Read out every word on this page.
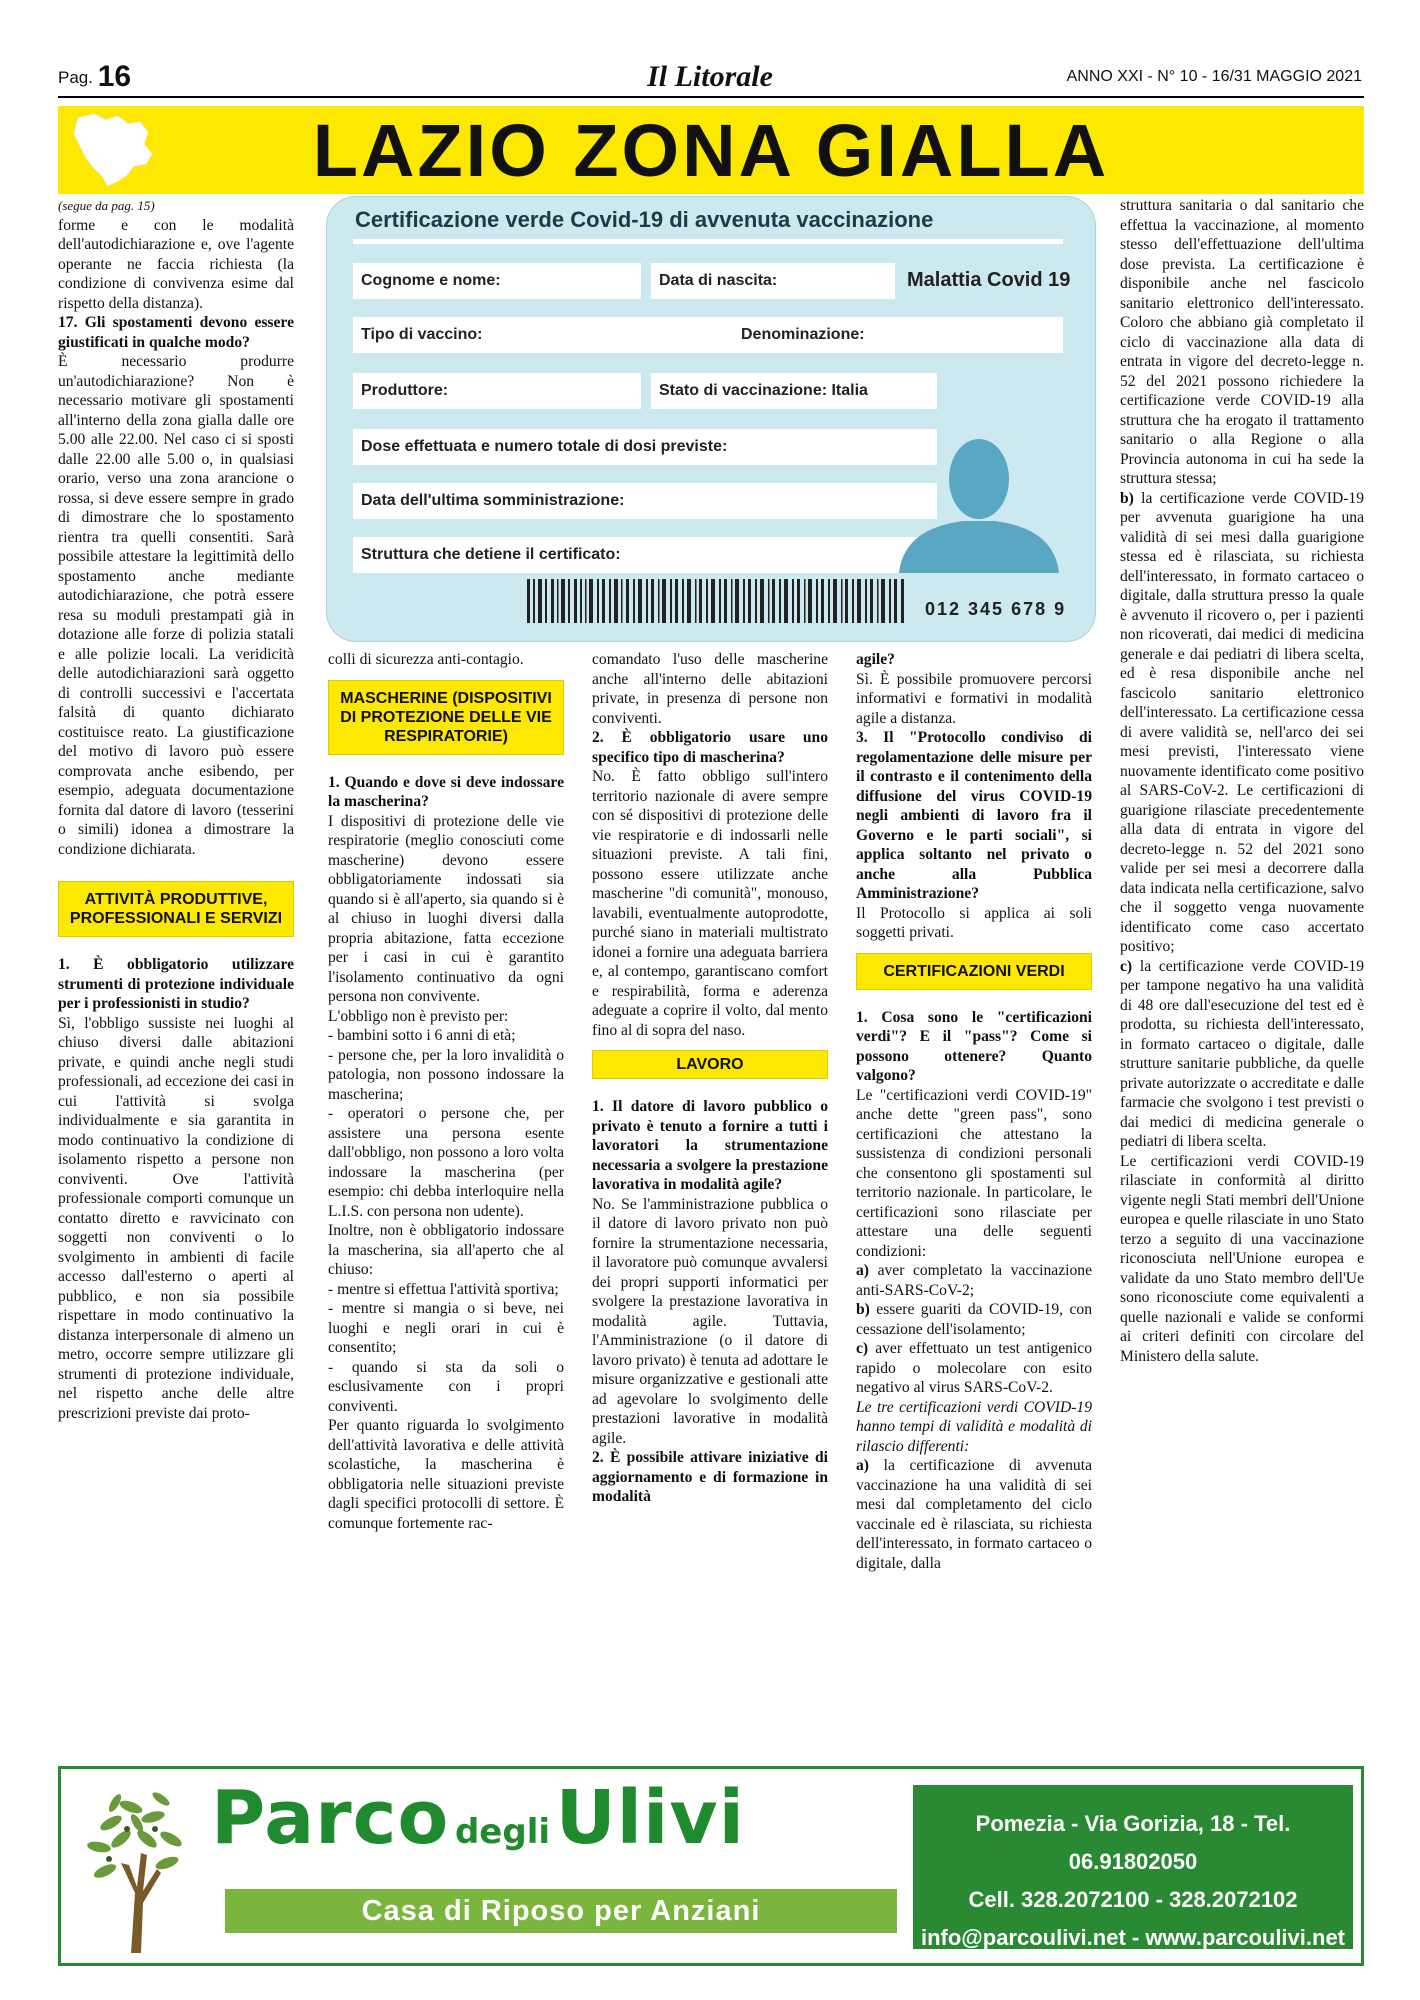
Pag. 16	Il Litorale	ANNO XXI - N° 10 - 16/31 MAGGIO 2021
LAZIO ZONA GIALLA

(segue da pag. 15)

forme e con le modalità dell'autodichiarazione e, ove l'agente operante ne faccia richiesta (la condizione di convivenza esime dal rispetto della distanza).

17. Gli spostamenti devono essere giustificati in qualche modo?

È necessario produrre un'autodichiarazione? Non è necessario motivare gli spostamenti all'interno della zona gialla dalle ore 5.00 alle 22.00. Nel caso ci si sposti dalle 22.00 alle 5.00 o, in qualsiasi orario, verso una zona arancione o rossa, si deve essere sempre in grado di dimostrare che lo spostamento rientra tra quelli consentiti. Sarà possibile attestare la legittimità dello spostamento anche mediante autodichiarazione, che potrà essere resa su moduli prestampati già in dotazione alle forze di polizia statali e alle polizie locali. La veridicità delle autodichiarazioni sarà oggetto di controlli successivi e l'accertata falsità di quanto dichiarato costituisce reato. La giustificazione del motivo di lavoro può essere comprovata anche esibendo, per esempio, adeguata documentazione fornita dal datore di lavoro (tesserini o simili) idonea a dimostrare la condizione dichiarata.

ATTIVITÀ PRODUTTIVE, PROFESSIONALI E SERVIZI

1. È obbligatorio utilizzare strumenti di protezione individuale per i professionisti in studio?

Sì, l'obbligo sussiste nei luoghi al chiuso diversi dalle abitazioni private, e quindi anche negli studi professionali, ad eccezione dei casi in cui l'attività si svolga individualmente e sia garantita in modo continuativo la condizione di isolamento rispetto a persone non conviventi. Ove l'attività professionale comporti comunque un contatto diretto e ravvicinato con soggetti non conviventi o lo svolgimento in ambienti di facile accesso dall'esterno o aperti al pubblico, e non sia possibile rispettare in modo continuativo la distanza interpersonale di almeno un metro, occorre sempre utilizzare gli strumenti di protezione individuale, nel rispetto anche delle altre prescrizioni previste dai proto-

Certificazione verde Covid-19 di avvenuta vaccinazione
Cognome e nome:	Data di nascita:	Malattia Covid 19
Tipo di vaccino:	Denominazione:
Produttore:	Stato di vaccinazione: Italia
Dose effettuata e numero totale di dosi previste:
Data dell'ultima somministrazione:
Struttura che detiene il certificato:
012 345 678 9

colli di sicurezza anti-contagio.

MASCHERINE (DISPOSITIVI DI PROTEZIONE DELLE VIE RESPIRATORIE)

1. Quando e dove si deve indossare la mascherina?

I dispositivi di protezione delle vie respiratorie (meglio conosciuti come mascherine) devono essere obbligatoriamente indossati sia quando si è all'aperto, sia quando si è al chiuso in luoghi diversi dalla propria abitazione, fatta eccezione per i casi in cui è garantito l'isolamento continuativo da ogni persona non convivente.

L'obbligo non è previsto per:

- bambini sotto i 6 anni di età;

- persone che, per la loro invalidità o patologia, non possono indossare la mascherina;

- operatori o persone che, per assistere una persona esente dall'obbligo, non possono a loro volta indossare la mascherina (per esempio: chi debba interloquire nella L.I.S. con persona non udente).

Inoltre, non è obbligatorio indossare la mascherina, sia all'aperto che al chiuso:

- mentre si effettua l'attività sportiva;

- mentre si mangia o si beve, nei luoghi e negli orari in cui è consentito;

- quando si sta da soli o esclusivamente con i propri conviventi.

Per quanto riguarda lo svolgimento dell'attività lavorativa e delle attività scolastiche, la mascherina è obbligatoria nelle situazioni previste dagli specifici protocolli di settore. È comunque fortemente rac-

comandato l'uso delle mascherine anche all'interno delle abitazioni private, in presenza di persone non conviventi.

2. È obbligatorio usare uno specifico tipo di mascherina?

No. È fatto obbligo sull'intero territorio nazionale di avere sempre con sé dispositivi di protezione delle vie respiratorie e di indossarli nelle situazioni previste. A tali fini, possono essere utilizzate anche mascherine "di comunità", monouso, lavabili, eventualmente autoprodotte, purché siano in materiali multistrato idonei a fornire una adeguata barriera e, al contempo, garantiscano comfort e respirabilità, forma e aderenza adeguate a coprire il volto, dal mento fino al di sopra del naso.

LAVORO

1. Il datore di lavoro pubblico o privato è tenuto a fornire a tutti i lavoratori la strumentazione necessaria a svolgere la prestazione lavorativa in modalità agile?

No. Se l'amministrazione pubblica o il datore di lavoro privato non può fornire la strumentazione necessaria, il lavoratore può comunque avvalersi dei propri supporti informatici per svolgere la prestazione lavorativa in modalità agile. Tuttavia, l'Amministrazione (o il datore di lavoro privato) è tenuta ad adottare le misure organizzative e gestionali atte ad agevolare lo svolgimento delle prestazioni lavorative in modalità agile.

2. È possibile attivare iniziative di aggiornamento e di formazione in modalità

agile?

Sì. È possibile promuovere percorsi informativi e formativi in modalità agile a distanza.

3. Il "Protocollo condiviso di regolamentazione delle misure per il contrasto e il contenimento della diffusione del virus COVID-19 negli ambienti di lavoro fra il Governo e le parti sociali", si applica soltanto nel privato o anche alla Pubblica Amministrazione?

Il Protocollo si applica ai soli soggetti privati.

CERTIFICAZIONI VERDI

1. Cosa sono le "certificazioni verdi"? E il "pass"? Come si possono ottenere? Quanto valgono?

Le "certificazioni verdi COVID-19" anche dette "green pass", sono certificazioni che attestano la sussistenza di condizioni personali che consentono gli spostamenti sul territorio nazionale. In particolare, le certificazioni sono rilasciate per attestare una delle seguenti condizioni:

a) aver completato la vaccinazione anti-SARS-CoV-2;

b) essere guariti da COVID-19, con cessazione dell'isolamento;

c) aver effettuato un test antigenico rapido o molecolare con esito negativo al virus SARS-CoV-2.

Le tre certificazioni verdi COVID-19 hanno tempi di validità e modalità di rilascio differenti:

a) la certificazione di avvenuta vaccinazione ha una validità di sei mesi dal completamento del ciclo vaccinale ed è rilasciata, su richiesta dell'interessato, in formato cartaceo o digitale, dalla

struttura sanitaria o dal sanitario che effettua la vaccinazione, al momento stesso dell'effettuazione dell'ultima dose prevista. La certificazione è disponibile anche nel fascicolo sanitario elettronico dell'interessato. Coloro che abbiano già completato il ciclo di vaccinazione alla data di entrata in vigore del decreto-legge n. 52 del 2021 possono richiedere la certificazione verde COVID-19 alla struttura che ha erogato il trattamento sanitario o alla Regione o alla Provincia autonoma in cui ha sede la struttura stessa;

b) la certificazione verde COVID-19 per avvenuta guarigione ha una validità di sei mesi dalla guarigione stessa ed è rilasciata, su richiesta dell'interessato, in formato cartaceo o digitale, dalla struttura presso la quale è avvenuto il ricovero o, per i pazienti non ricoverati, dai medici di medicina generale e dai pediatri di libera scelta, ed è resa disponibile anche nel fascicolo sanitario elettronico dell'interessato. La certificazione cessa di avere validità se, nell'arco dei sei mesi previsti, l'interessato viene nuovamente identificato come positivo al SARS-CoV-2. Le certificazioni di guarigione rilasciate precedentemente alla data di entrata in vigore del decreto-legge n. 52 del 2021 sono valide per sei mesi a decorrere dalla data indicata nella certificazione, salvo che il soggetto venga nuovamente identificato come caso accertato positivo;

c) la certificazione verde COVID-19 per tampone negativo ha una validità di 48 ore dall'esecuzione del test ed è prodotta, su richiesta dell'interessato, in formato cartaceo o digitale, dalle strutture sanitarie pubbliche, da quelle private autorizzate o accreditate e dalle farmacie che svolgono i test previsti o dai medici di medicina generale o pediatri di libera scelta.

Le certificazioni verdi COVID-19 rilasciate in conformità al diritto vigente negli Stati membri dell'Unione europea e quelle rilasciate in uno Stato terzo a seguito di una vaccinazione riconosciuta nell'Unione europea e validate da uno Stato membro dell'Ue sono riconosciute come equivalenti a quelle nazionali e valide se conformi ai criteri definiti con circolare del Ministero della salute.

Parco degli Ulivi
Casa di Riposo per Anziani
Pomezia - Via Gorizia, 18 - Tel. 06.91802050
Cell. 328.2072100 - 328.2072102
info@parcoulivi.net - www.parcoulivi.net
